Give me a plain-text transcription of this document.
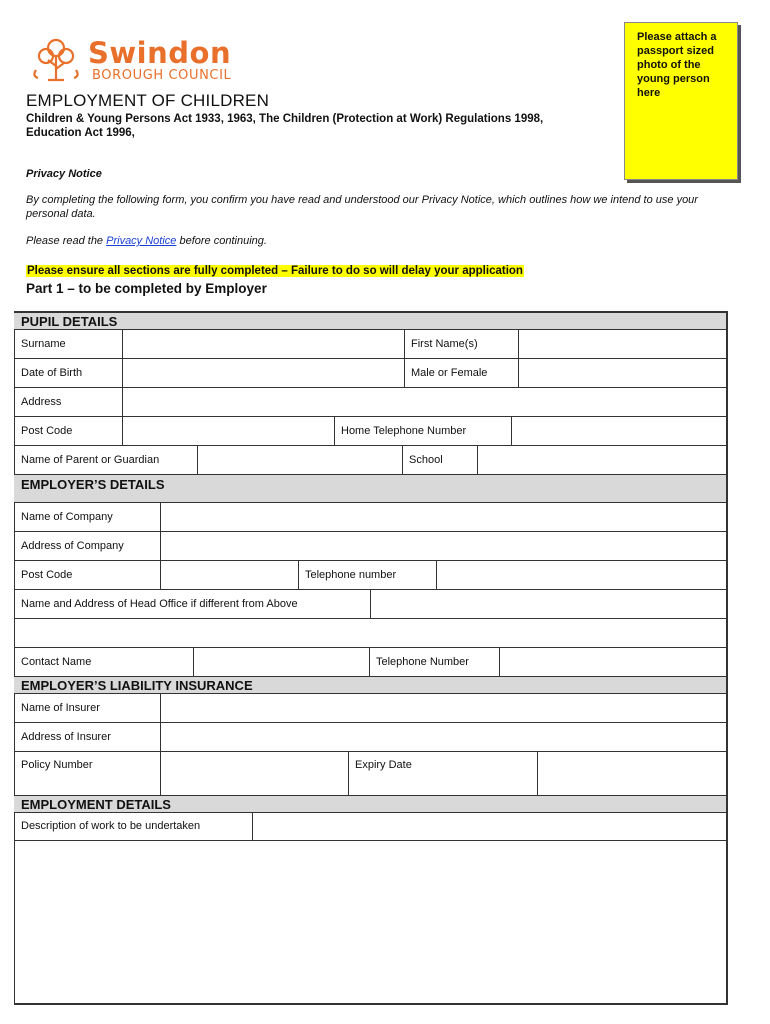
Swindon
BOROUGH COUNCIL
EMPLOYMENT OF CHILDREN
Children & Young Persons Act 1933, 1963, The Children (Protection at Work) Regulations 1998, Education Act 1996,
Please attach a passport sized photo of the young person here
Privacy Notice
By completing the following form, you confirm you have read and understood our Privacy Notice, which outlines how we intend to use your personal data.
Please read the Privacy Notice before continuing.
Please ensure all sections are fully completed – Failure to do so will delay your application
Part 1 – to be completed by Employer
PUPIL DETAILS
Surname	First Name(s)
Date of Birth	Male or Female
Address
Post Code	Home Telephone Number
Name of Parent or Guardian	School
EMPLOYER’S DETAILS
Name of Company
Address of Company
Post Code	Telephone number
Name and Address of Head Office if different from Above
Contact Name	Telephone Number
EMPLOYER’S LIABILITY INSURANCE
Name of Insurer
Address of Insurer
Policy Number	Expiry Date
EMPLOYMENT DETAILS
Description of work to be undertaken
